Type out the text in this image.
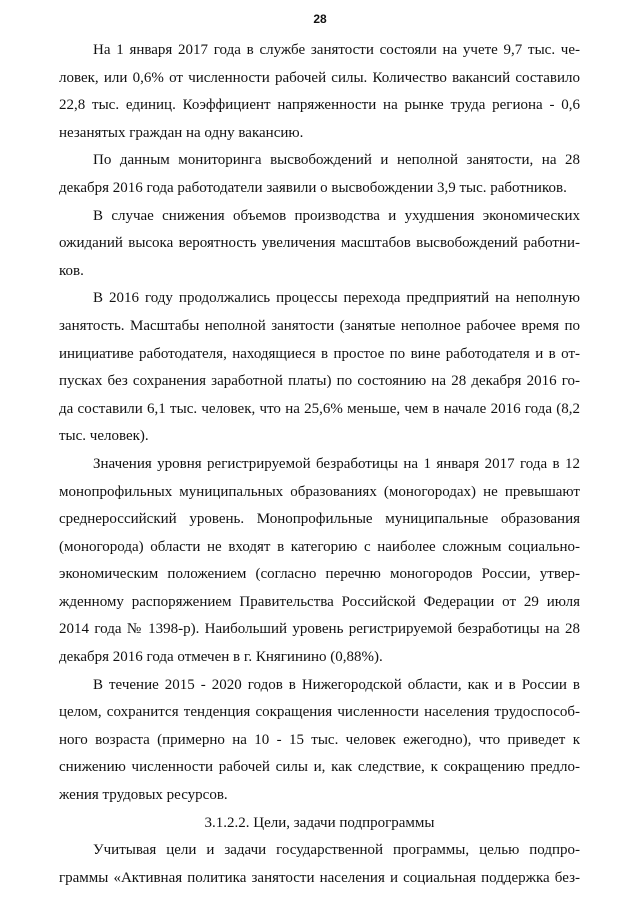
28
На 1 января 2017 года в службе занятости состояли на учете 9,7 тыс. че-
ловек, или 0,6% от численности рабочей силы. Количество вакансий составило
22,8 тыс. единиц. Коэффициент напряженности на рынке труда региона - 0,6
незанятых граждан на одну вакансию.
По данным мониторинга высвобождений и неполной занятости, на 28
декабря 2016 года работодатели заявили о высвобождении 3,9 тыс. работников.
В случае снижения объемов производства и ухудшения экономических
ожиданий высока вероятность увеличения масштабов высвобождений работни-
ков.
В 2016 году продолжались процессы перехода предприятий на неполную
занятость. Масштабы неполной занятости (занятые неполное рабочее время по
инициативе работодателя, находящиеся в простое по вине работодателя и в от-
пусках без сохранения заработной платы) по состоянию на 28 декабря 2016 го-
да составили 6,1 тыс. человек, что на 25,6% меньше, чем в начале 2016 года (8,2
тыс. человек).
Значения уровня регистрируемой безработицы на 1 января 2017 года в 12
монопрофильных муниципальных образованиях (моногородах) не превышают
среднероссийский уровень. Монопрофильные муниципальные образования
(моногорода) области не входят в категорию с наиболее сложным социально-
экономическим положением (согласно перечню моногородов России, утвер-
жденному распоряжением Правительства Российской Федерации от 29 июля
2014 года № 1398-р). Наибольший уровень регистрируемой безработицы на 28
декабря 2016 года отмечен в г. Княгинино (0,88%).
В течение 2015 - 2020 годов в Нижегородской области, как и в России в
целом, сохранится тенденция сокращения численности населения трудоспособ-
ного возраста (примерно на 10 - 15 тыс. человек ежегодно), что приведет к
снижению численности рабочей силы и, как следствие, к сокращению предло-
жения трудовых ресурсов.
3.1.2.2. Цели, задачи подпрограммы
Учитывая цели и задачи государственной программы, целью подпро-
граммы «Активная политика занятости населения и социальная поддержка без-
